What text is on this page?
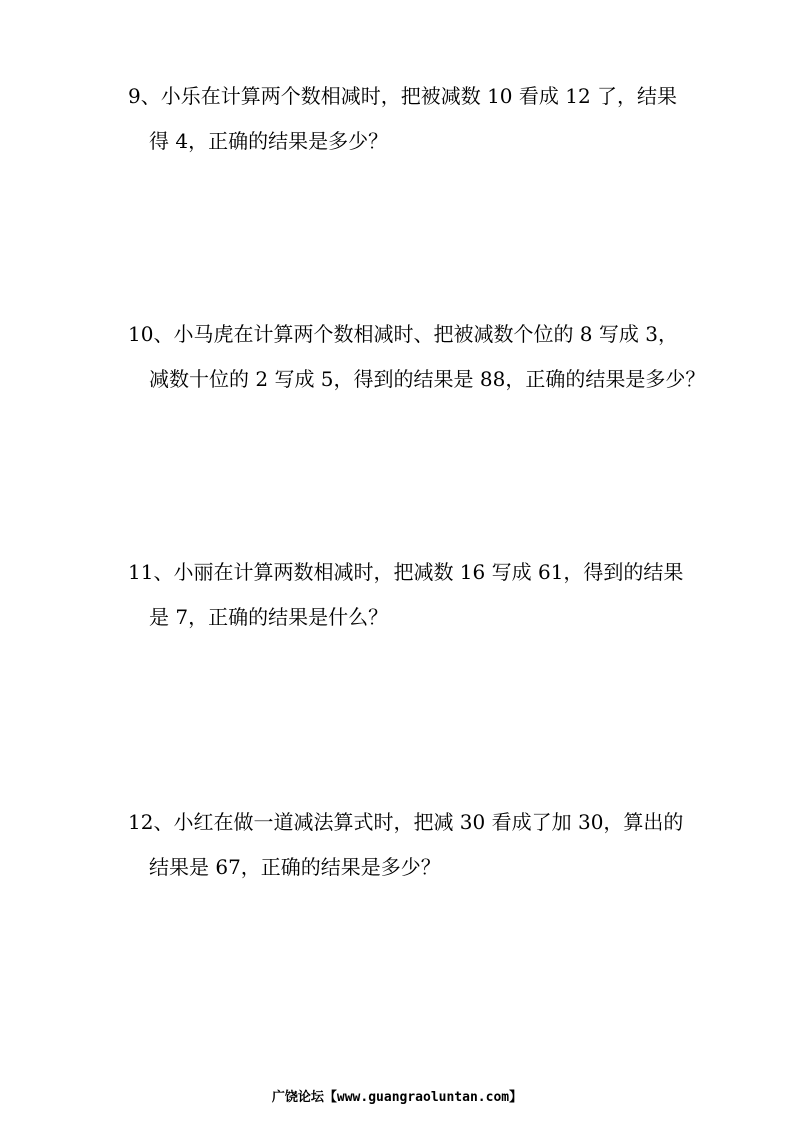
9、小乐在计算两个数相减时，把被减数 10 看成 12 了，结果
得 4，正确的结果是多少？
10、小马虎在计算两个数相减时、把被减数个位的 8 写成 3，
减数十位的 2 写成 5，得到的结果是 88，正确的结果是多少？
11、小丽在计算两数相减时，把减数 16 写成 61，得到的结果
是 7，正确的结果是什么？
12、小红在做一道减法算式时，把减 30 看成了加 30，算出的
结果是 67，正确的结果是多少？
广饶论坛【www.guangraoluntan.com】
